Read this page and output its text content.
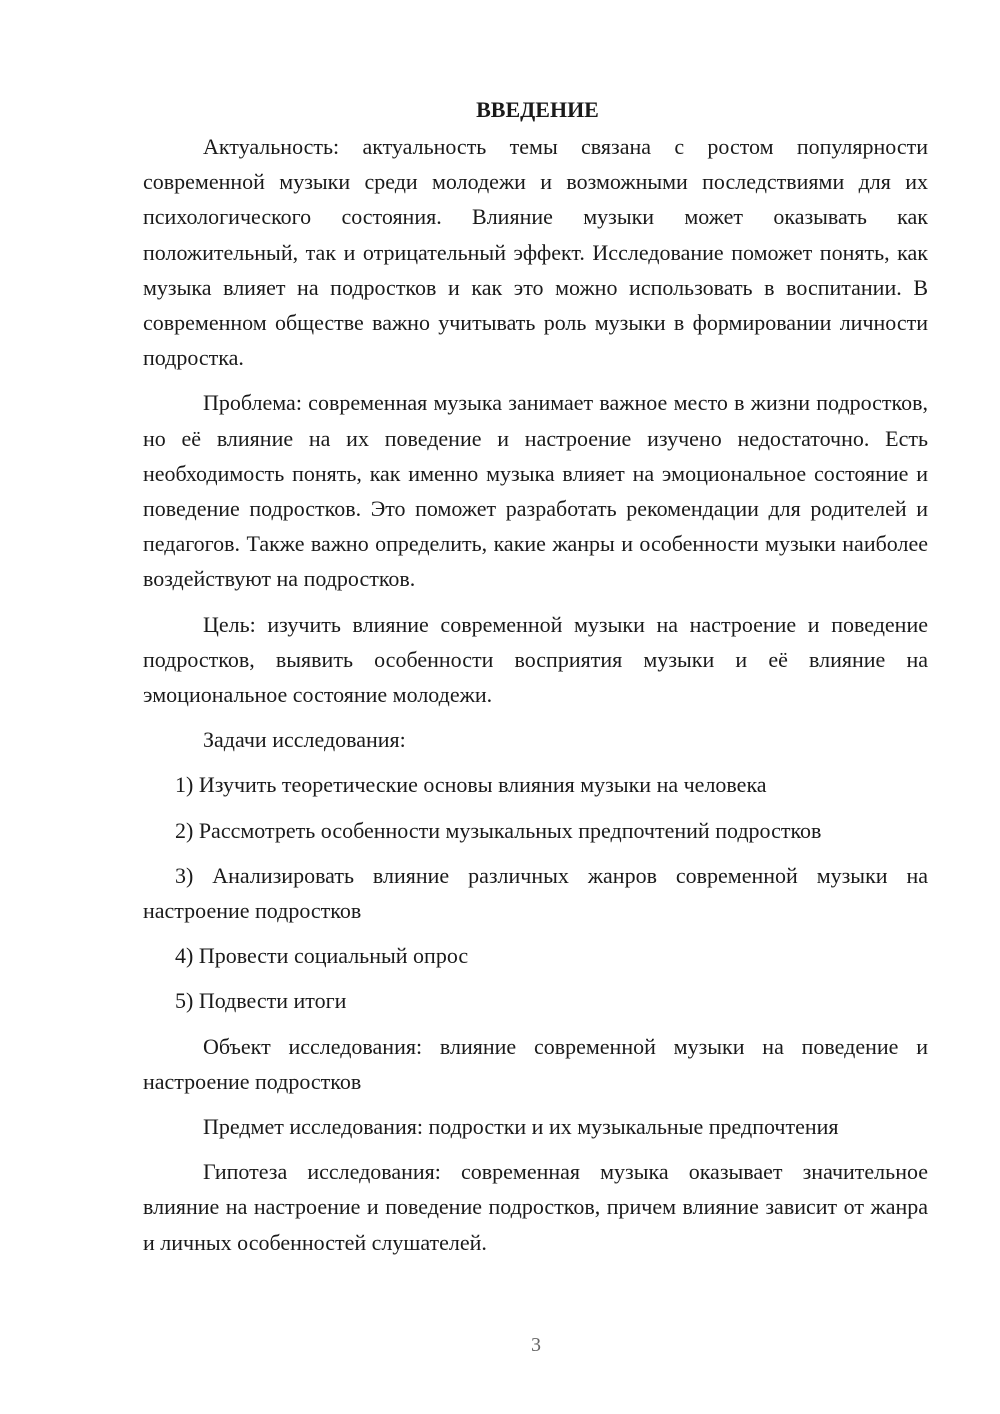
ВВЕДЕНИЕ

Актуальность: актуальность темы связана с ростом популярности современной музыки среди молодежи и возможными последствиями для их психологического состояния. Влияние музыки может оказывать как положительный, так и отрицательный эффект. Исследование поможет понять, как музыка влияет на подростков и как это можно использовать в воспитании. В современном обществе важно учитывать роль музыки в формировании личности подростка.

Проблема: современная музыка занимает важное место в жизни подростков, но её влияние на их поведение и настроение изучено недостаточно. Есть необходимость понять, как именно музыка влияет на эмоциональное состояние и поведение подростков. Это поможет разработать рекомендации для родителей и педагогов. Также важно определить, какие жанры и особенности музыки наиболее воздействуют на подростков.

Цель: изучить влияние современной музыки на настроение и поведение подростков, выявить особенности восприятия музыки и её влияние на эмоциональное состояние молодежи.

Задачи исследования:

1) Изучить теоретические основы влияния музыки на человека

2) Рассмотреть особенности музыкальных предпочтений подростков

3) Анализировать влияние различных жанров современной музыки на настроение подростков

4) Провести социальный опрос

5) Подвести итоги

Объект исследования: влияние современной музыки на поведение и настроение подростков

Предмет исследования: подростки и их музыкальные предпочтения

Гипотеза исследования: современная музыка оказывает значительное влияние на настроение и поведение подростков, причем влияние зависит от жанра и личных особенностей слушателей.

3
